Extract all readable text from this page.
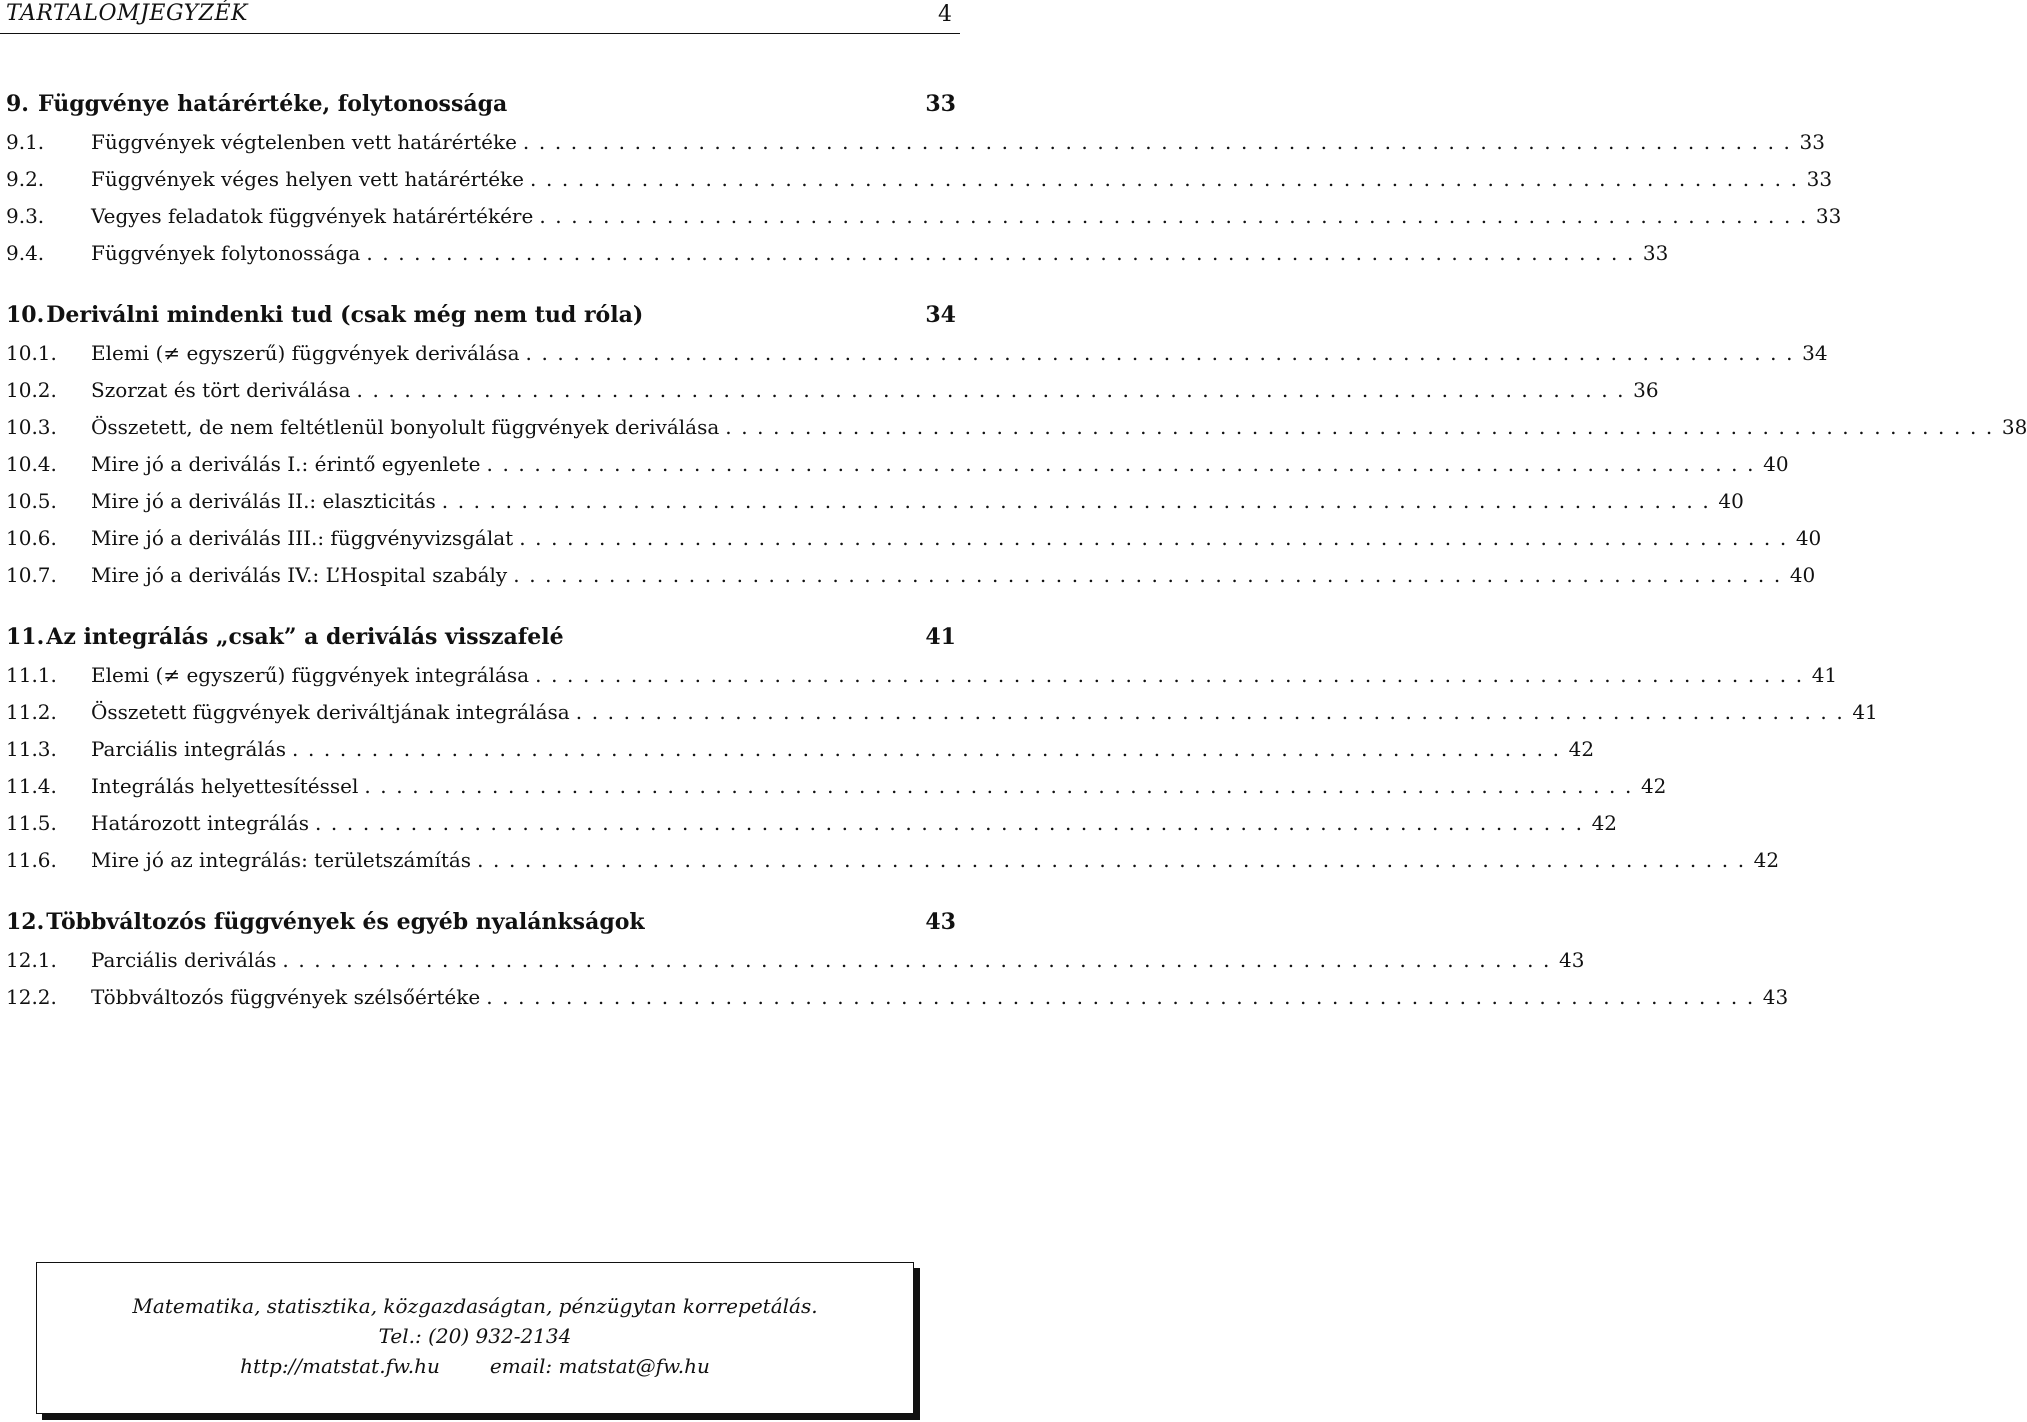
TARTALOMJEGYZÉK	4
9. Függvénye határértéke, folytonossága	33
9.1.	Függvények végtelenben vett határértéke ................................................................................ 33
9.2.	Függvények véges helyen vett határértéke ................................................................................ 33
9.3.	Vegyes feladatok függvények határértékére ................................................................................ 33
9.4.	Függvények folytonossága ................................................................................ 33
10. Deriválni mindenki tud (csak még nem tud róla)	34
10.1.	Elemi (≠ egyszerű) függvények deriválása ................................................................................ 34
10.2.	Szorzat és tört deriválása ................................................................................ 36
10.3.	Összetett, de nem feltétlenül bonyolult függvények deriválása ................................................................................ 38
10.4.	Mire jó a deriválás I.: érintő egyenlete ................................................................................ 40
10.5.	Mire jó a deriválás II.: elaszticitás ................................................................................ 40
10.6.	Mire jó a deriválás III.: függvényvizsgálat ................................................................................ 40
10.7.	Mire jó a deriválás IV.: L’Hospital szabály ................................................................................ 40
11. Az integrálás „csak” a deriválás visszafelé	41
11.1.	Elemi (≠ egyszerű) függvények integrálása ................................................................................ 41
11.2.	Összetett függvények deriváltjának integrálása ................................................................................ 41
11.3.	Parciális integrálás ................................................................................ 42
11.4.	Integrálás helyettesítéssel ................................................................................ 42
11.5.	Határozott integrálás ................................................................................ 42
11.6.	Mire jó az integrálás: területszámítás ................................................................................ 42
12. Többváltozós függvények és egyéb nyalánkságok	43
12.1.	Parciális deriválás ................................................................................ 43
12.2.	Többváltozós függvények szélsőértéke ................................................................................ 43
Matematika, statisztika, közgazdaságtan, pénzügytan korrepetálás.
Tel.: (20) 932-2134
http://matstat.fw.hu	email: matstat@fw.hu
